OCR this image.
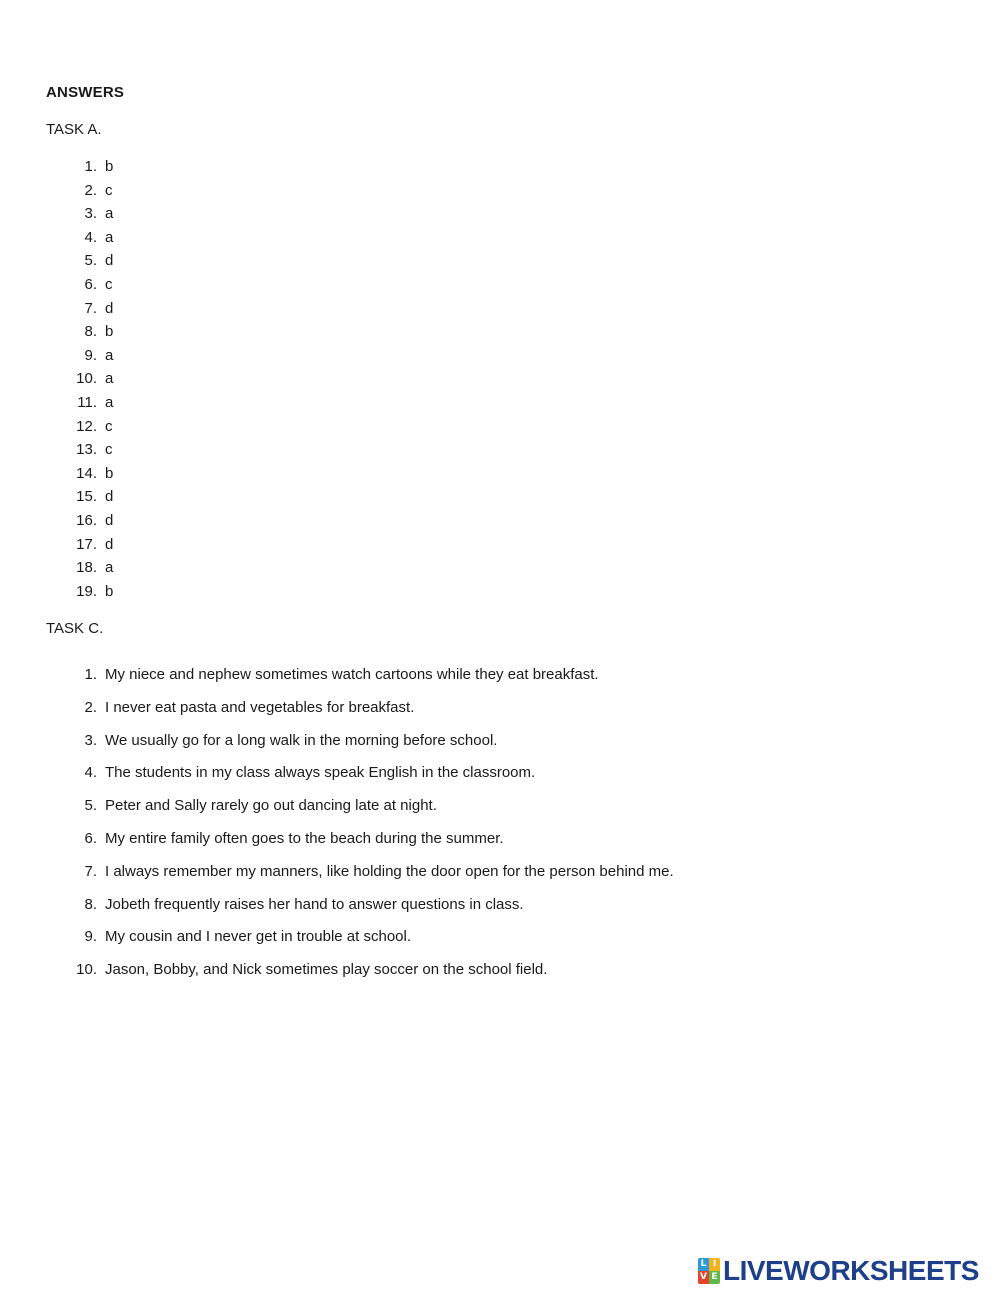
ANSWERS
TASK A.
1. b
2. c
3. a
4. a
5. d
6. c
7. d
8. b
9. a
10. a
11. a
12. c
13. c
14. b
15. d
16. d
17. d
18. a
19. b
TASK C.
1. My niece and nephew sometimes watch cartoons while they eat breakfast.
2. I never eat pasta and vegetables for breakfast.
3. We usually go for a long walk in the morning before school.
4. The students in my class always speak English in the classroom.
5. Peter and Sally rarely go out dancing late at night.
6. My entire family often goes to the beach during the summer.
7. I always remember my manners, like holding the door open for the person behind me.
8. Jobeth frequently raises her hand to answer questions in class.
9. My cousin and I never get in trouble at school.
10. Jason, Bobby, and Nick sometimes play soccer on the school field.
L I
V E LIVEWORKSHEETS
